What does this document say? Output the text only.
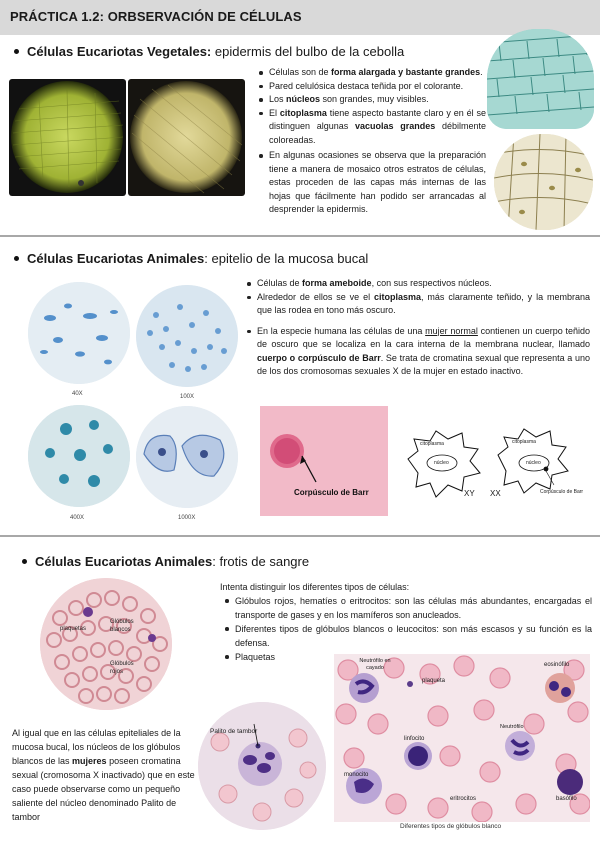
PRÁCTICA 1.2: ORBSERVACIÓN DE CÉLULAS
Células Eucariotas Vegetales: epidermis del bulbo de la cebolla
Células son de forma alargada y bastante grandes.
Pared celulósica destaca teñida por el colorante.
Los núcleos son grandes, muy visibles.
El citoplasma tiene aspecto bastante claro y en él se distinguen algunas vacuolas grandes débilmente coloreadas.
En algunas ocasiones se observa que la preparación tiene a manera de mosaico otros estratos de células, estas proceden de las capas más internas de las hojas que fácilmente han podido ser arrancadas al desprender la epidermis.
Células Eucariotas Animales: epitelio de la mucosa bucal
40X	100X
400X	1000X
Células de forma ameboide, con sus respectivos núcleos.
Alrededor de ellos se ve el citoplasma, más claramente teñido, y la membrana que las rodea en tono más oscuro.
En la especie humana las células de una mujer normal contienen un cuerpo teñido de oscuro que se localiza en la cara interna de la membrana nuclear, llamado cuerpo o corpúsculo de Barr. Se trata de cromatina sexual que representa a uno de los dos cromosomas sexuales X de la mujer en estado inactivo.
Corpúsculo de Barr
citoplasma
núcleo
XY
citoplasma
núcleo
XX	Corpúsculo de Barr
Células Eucariotas Animales: frotis de sangre
plaquetas
Glóbulos blancos
Glóbulos rojos
Intenta distinguir los diferentes tipos de células:
Glóbulos rojos, hematíes o eritrocitos: son las células más abundantes, encargadas el transporte de gases y en los mamíferos son anucleados.
Diferentes tipos de glóbulos blancos o leucocitos: son más escasos y su función es la defensa.
Plaquetas
Al igual que en las células epiteliales de la mucosa bucal, los núcleos de los glóbulos blancos de las mujeres poseen cromatina sexual (cromosoma X inactivado) que en este caso puede observarse como un pequeño saliente del núcleo denominado Palito de tambor
Palito de tambor
Neutrófilo en cayado
plaqueta
eosinófilo
linfocito
Neutrófilo
monocito
eritrocitos	basófilo
Diferentes tipos de glóbulos blanco
